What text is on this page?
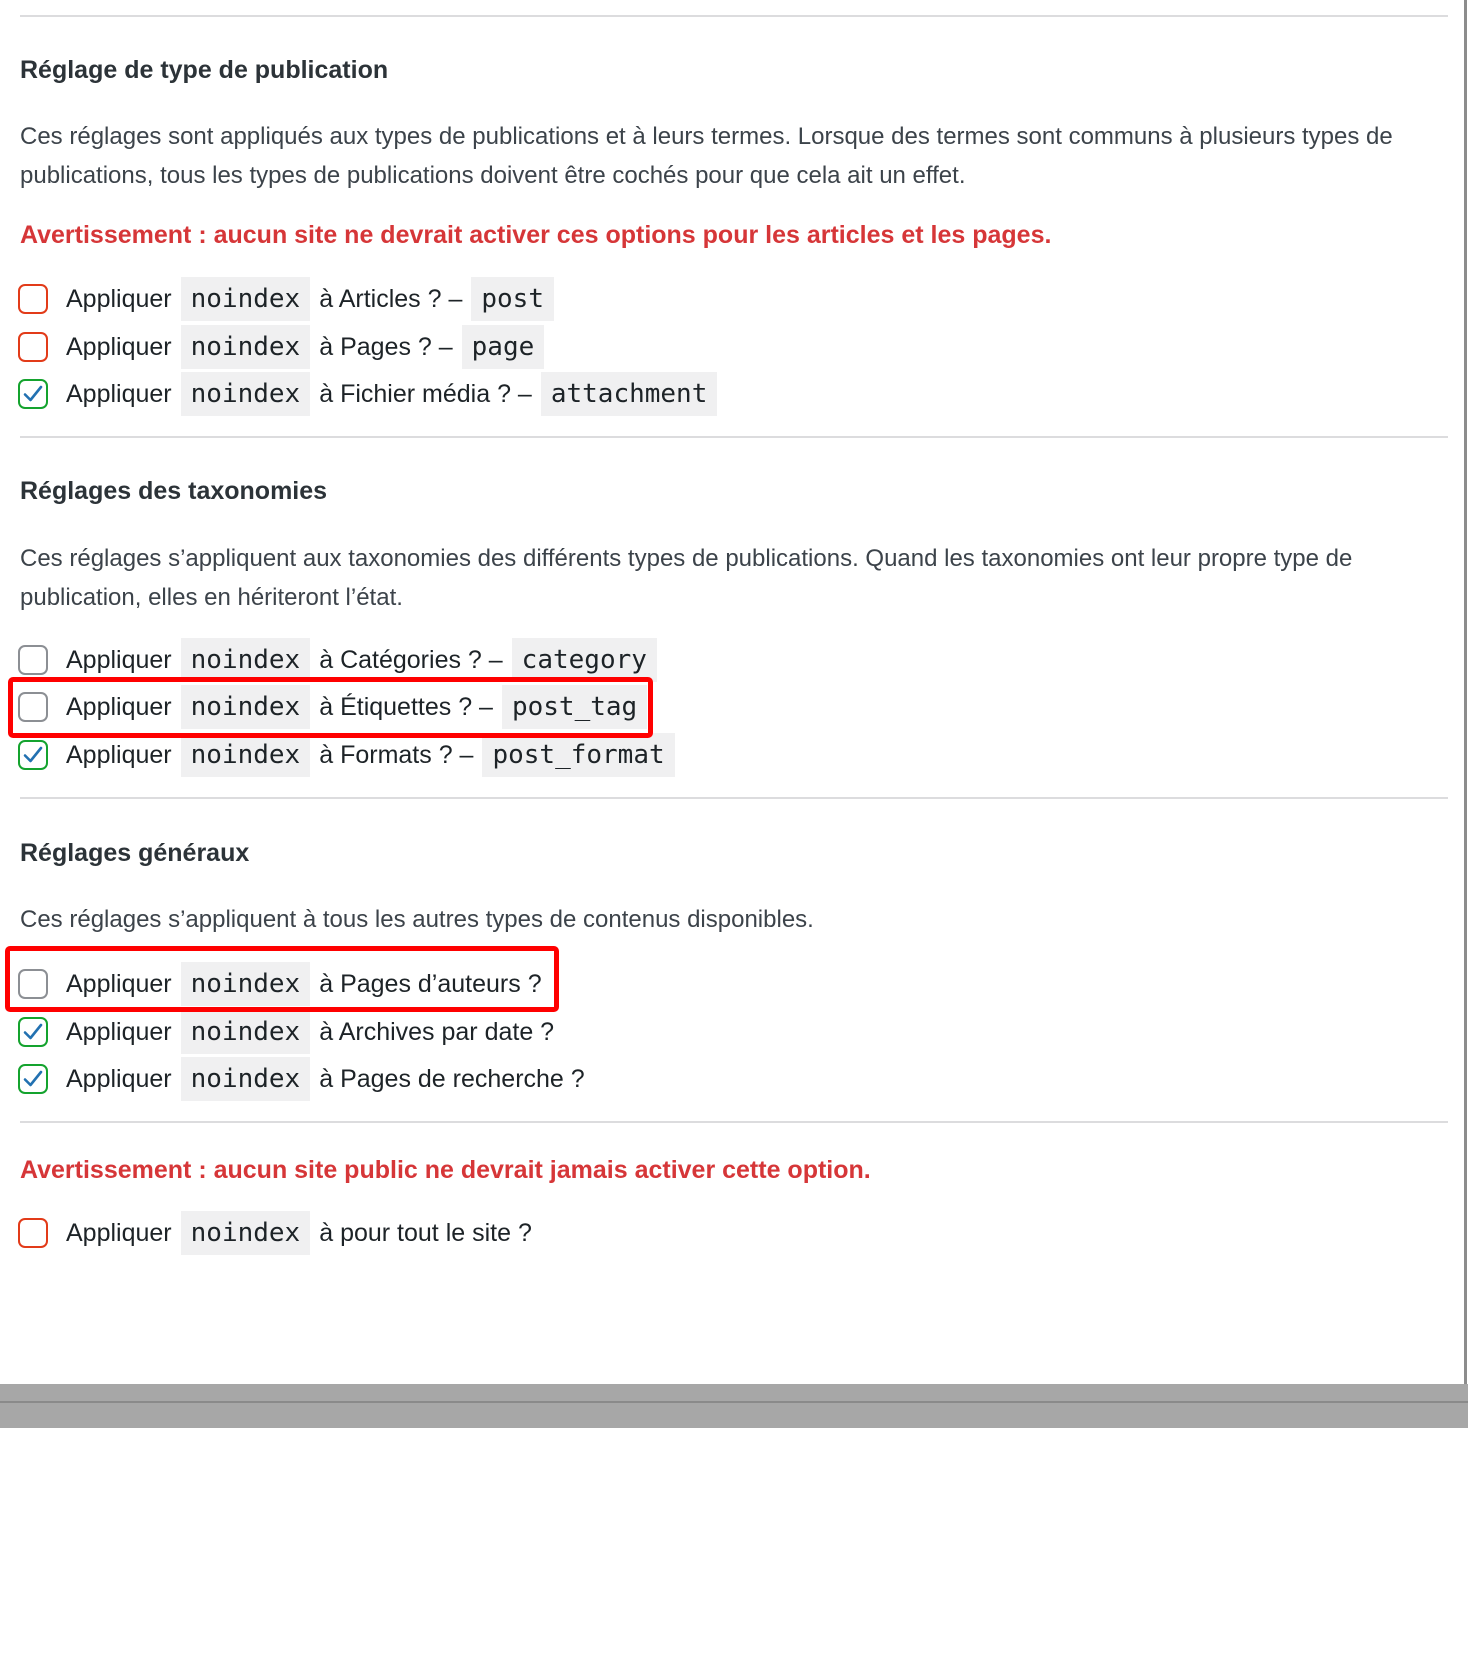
Réglage de type de publication

Ces réglages sont appliqués aux types de publications et à leurs termes. Lorsque des termes sont communs à plusieurs types de publications, tous les types de publications doivent être cochés pour que cela ait un effet.

Avertissement : aucun site ne devrait activer ces options pour les articles et les pages.

Appliquer noindex à Articles ? – post
Appliquer noindex à Pages ? – page
Appliquer noindex à Fichier média ? – attachment
Réglages des taxonomies

Ces réglages s’appliquent aux taxonomies des différents types de publications. Quand les taxonomies ont leur propre type de publication, elles en hériteront l’état.

Appliquer noindex à Catégories ? – category
Appliquer noindex à Étiquettes ? – post_tag
Appliquer noindex à Formats ? – post_format
Réglages généraux

Ces réglages s’appliquent à tous les autres types de contenus disponibles.

Appliquer noindex à Pages d’auteurs ?
Appliquer noindex à Archives par date ?
Appliquer noindex à Pages de recherche ?

Avertissement : aucun site public ne devrait jamais activer cette option.

Appliquer noindex à pour tout le site ?
